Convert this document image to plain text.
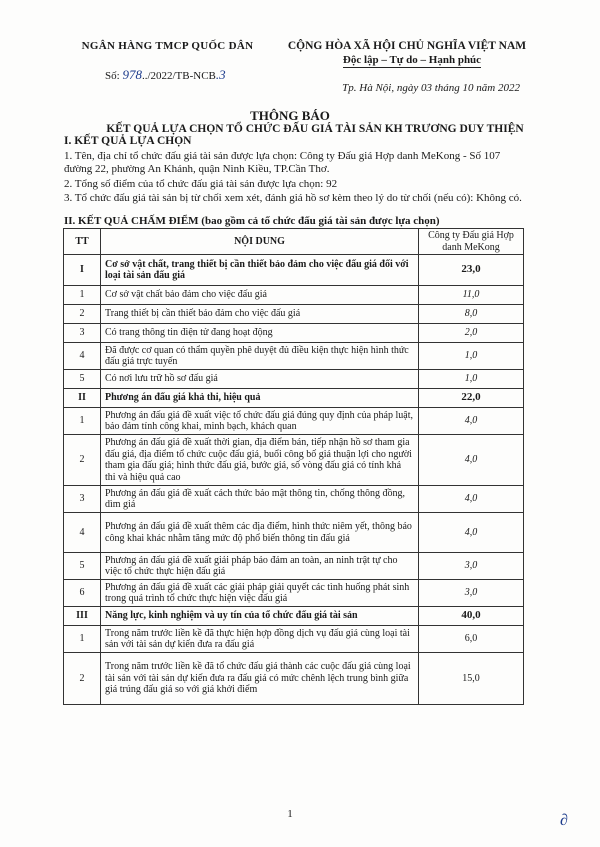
NGÂN HÀNG TMCP QUỐC DÂN	CỘNG HÒA XÃ HỘI CHỦ NGHĨA VIỆT NAM
Độc lập – Tự do – Hạnh phúc
Số: 978../2022/TB-NCB.3
Tp. Hà Nội, ngày 03 tháng 10 năm 2022
THÔNG BÁO
KẾT QUẢ LỰA CHỌN TỔ CHỨC ĐẤU GIÁ TÀI SẢN KH TRƯƠNG DUY THIỆN
I. KẾT QUẢ LỰA CHỌN
1. Tên, địa chỉ tổ chức đấu giá tài sản được lựa chọn: Công ty Đấu giá Hợp danh MeKong - Số 107 đường 22, phường An Khánh, quận Ninh Kiều, TP.Cần Thơ.
2. Tổng số điểm của tổ chức đấu giá tài sản được lựa chọn: 92
3. Tổ chức đấu giá tài sản bị từ chối xem xét, đánh giá hồ sơ kèm theo lý do từ chối (nếu có): Không có.
II. KẾT QUẢ CHẤM ĐIỂM (bao gồm cả tổ chức đấu giá tài sản được lựa chọn)
TT	NỘI DUNG	Công ty Đấu giá Hợp danh MeKong
I	Cơ sở vật chất, trang thiết bị cần thiết bảo đảm cho việc đấu giá đối với loại tài sản đấu giá	23,0
1	Cơ sở vật chất bảo đảm cho việc đấu giá	11,0
2	Trang thiết bị cần thiết bảo đảm cho việc đấu giá	8,0
3	Có trang thông tin điện tử đang hoạt động	2,0
4	Đã được cơ quan có thẩm quyền phê duyệt đủ điều kiện thực hiện hình thức đấu giá trực tuyến	1,0
5	Có nơi lưu trữ hồ sơ đấu giá	1,0
II	Phương án đấu giá khả thi, hiệu quả	22,0
1	Phương án đấu giá đề xuất việc tổ chức đấu giá đúng quy định của pháp luật, bảo đảm tính công khai, minh bạch, khách quan	4,0
2	Phương án đấu giá đề xuất thời gian, địa điểm bán, tiếp nhận hồ sơ tham gia đấu giá, địa điểm tổ chức cuộc đấu giá, buổi công bố giá thuận lợi cho người tham gia đấu giá; hình thức đấu giá, bước giá, số vòng đấu giá có tính khả thi và hiệu quả cao	4,0
3	Phương án đấu giá đề xuất cách thức bảo mật thông tin, chống thông đồng, dìm giá	4,0
4	Phương án đấu giá đề xuất thêm các địa điểm, hình thức niêm yết, thông báo công khai khác nhằm tăng mức độ phổ biến thông tin đấu giá	4,0
5	Phương án đấu giá đề xuất giải pháp bảo đảm an toàn, an ninh trật tự cho việc tổ chức thực hiện đấu giá	3,0
6	Phương án đấu giá đề xuất các giải pháp giải quyết các tình huống phát sinh trong quá trình tổ chức thực hiện việc đấu giá	3,0
III	Năng lực, kinh nghiệm và uy tín của tổ chức đấu giá tài sản	40,0
1	Trong năm trước liền kề đã thực hiện hợp đồng dịch vụ đấu giá cùng loại tài sản với tài sản dự kiến đưa ra đấu giá	6,0
2	Trong năm trước liền kề đã tổ chức đấu giá thành các cuộc đấu giá cùng loại tài sản với tài sản dự kiến đưa ra đấu giá có mức chênh lệch trung bình giữa giá trúng đấu giá so với giá khởi điểm	15,0
1	∂
